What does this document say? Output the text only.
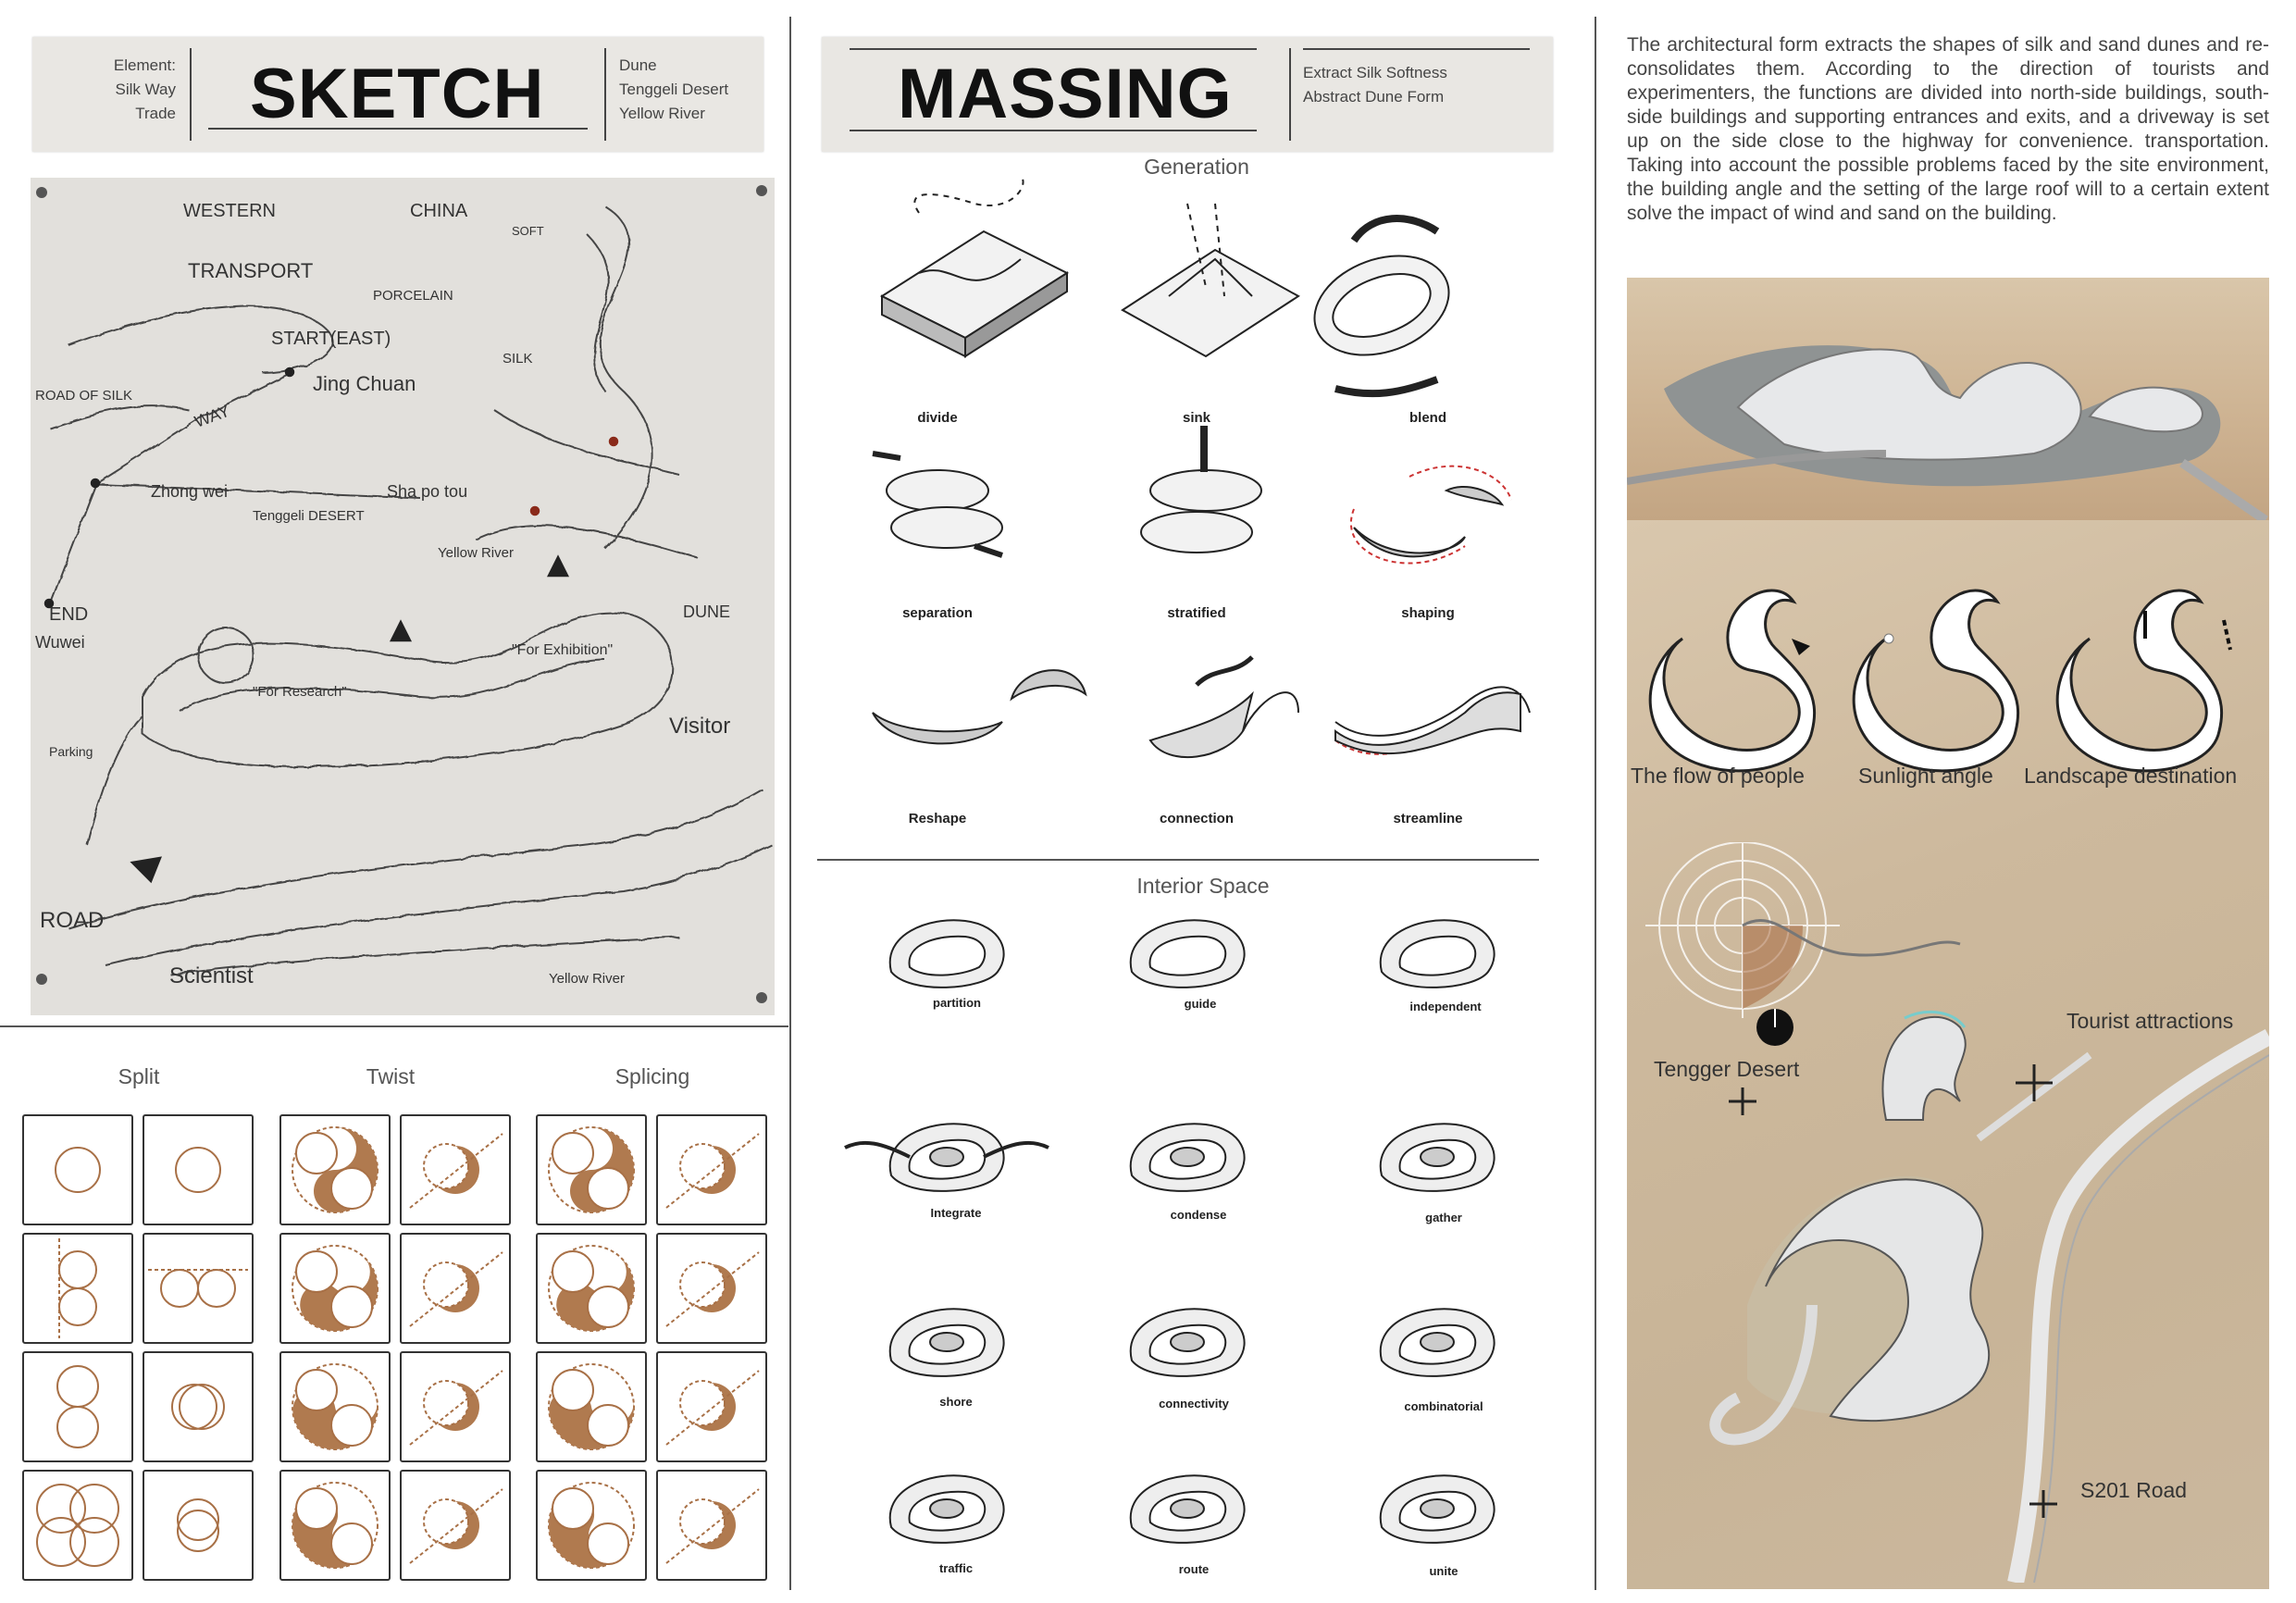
Element:
Silk Way
Trade SKETCH	Dune
Tenggeli Desert
Yellow River	MASSING	Extract Silk Softness
Abstract Dune Form
WESTERN	CHINA
TRANSPORT
PORCELAIN
START(EAST)
SOFT
SILK
ROAD OF SILK
Jing Chuan
WAY
Zhong wei	Sha po tou
Tenggeli DESERT
Yellow River
END
Wuwei
DUNE
"For Exhibition"
"For Research"
Visitor
Parking
ROAD
Scientist	Yellow River
Split	Twist	Splicing
Generation
divide	sink	blend
separation	stratified	shaping
Reshape	connection	streamline
Interior Space
partition	guide	independent
Integrate	condense	gather
shore	connectivity	combinatorial
traffic	route	unite
The architectural form extracts the shapes of silk and sand dunes and re-consolidates them. According to the direction of tourists and experimenters, the functions are divided into north-side buildings, south-side buildings and supporting entrances and exits, and a driveway is set up on the side close to the highway for convenience. transportation. Taking into account the possible problems faced by the site environment, the building angle and the setting of the large roof will to a certain extent solve the impact of wind and sand on the building.
The flow of people	Sunlight angle Landscape destination
Tourist attractions
Tengger Desert
S201 Road
